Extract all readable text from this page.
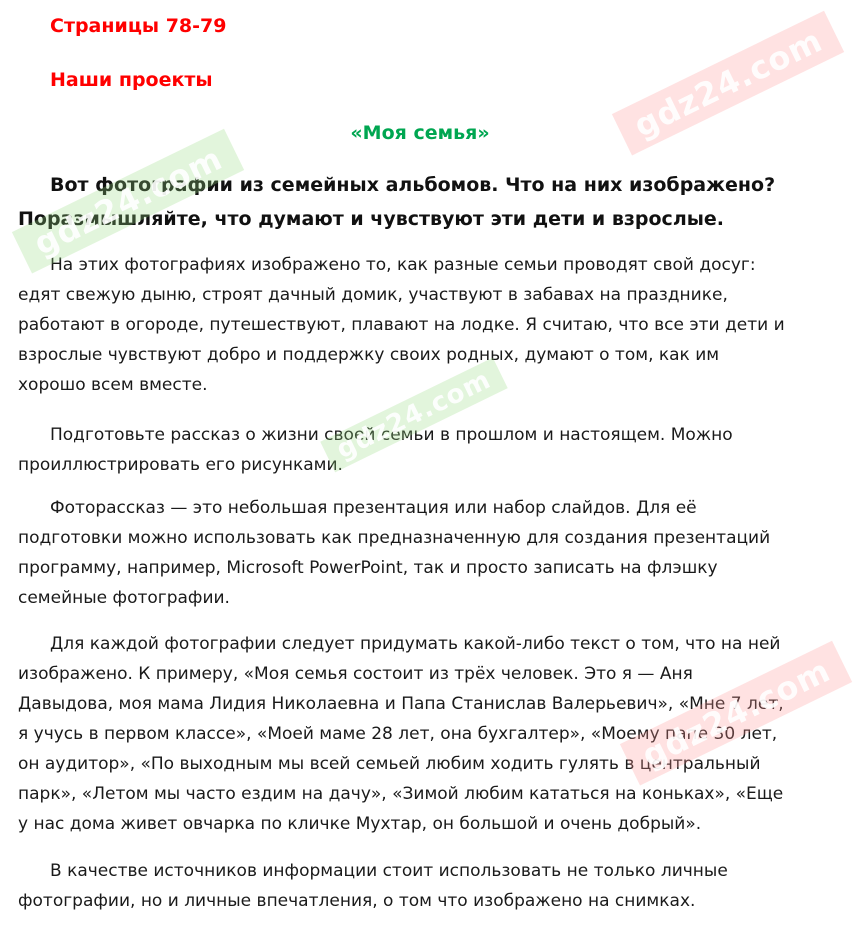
Страницы 78-79

Наши проекты

«Моя семья»

Вот фотографии из семейных альбомов. Что на них изображено? Поразмышляйте, что думают и чувствуют эти дети и взрослые.

На этих фотографиях изображено то, как разные семьи проводят свой досуг: едят свежую дыню, строят дачный домик, участвуют в забавах на празднике, работают в огороде, путешествуют, плавают на лодке. Я считаю, что все эти дети и взрослые чувствуют добро и поддержку своих родных, думают о том, как им хорошо всем вместе.

Подготовьте рассказ о жизни своей семьи в прошлом и настоящем. Можно проиллюстрировать его рисунками.

Фоторассказ — это небольшая презентация или набор слайдов. Для её подготовки можно использовать как предназначенную для создания презентаций программу, например, Microsoft PowerPoint, так и просто записать на флэшку семейные фотографии.

Для каждой фотографии следует придумать какой-либо текст о том, что на ней изображено. К примеру, «Моя семья состоит из трёх человек. Это я — Аня Давыдова, моя мама Лидия Николаевна и Папа Станислав Валерьевич», «Мне 7 лет, я учусь в первом классе», «Моей маме 28 лет, она бухгалтер», «Моему папе 30 лет, он аудитор», «По выходным мы всей семьей любим ходить гулять в центральный парк», «Летом мы часто ездим на дачу», «Зимой любим кататься на коньках», «Еще у нас дома живет овчарка по кличке Мухтар, он большой и очень добрый».

В качестве источников информации стоит использовать не только личные фотографии, но и личные впечатления, о том что изображено на снимках.

gdz24.com
gdz24.com
gdz24.com
gdz24.com
